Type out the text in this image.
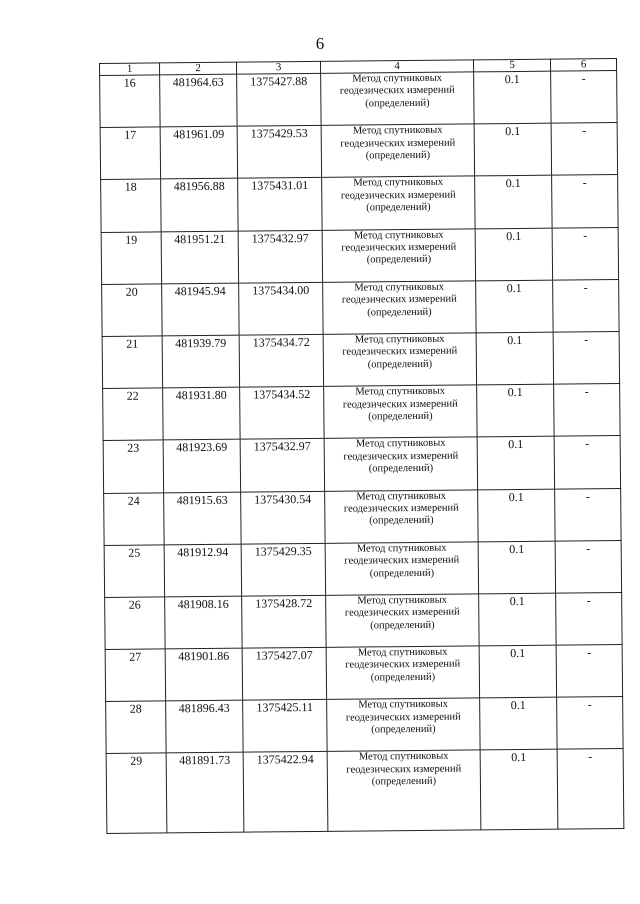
6
1	2	3	4	5	6
16	481964.63	1375427.88	Метод спутниковых геодезических измерений (определений)	0.1	-
17	481961.09	1375429.53	Метод спутниковых геодезических измерений (определений)	0.1	-
18	481956.88	1375431.01	Метод спутниковых геодезических измерений (определений)	0.1	-
19	481951.21	1375432.97	Метод спутниковых геодезических измерений (определений)	0.1	-
20	481945.94	1375434.00	Метод спутниковых геодезических измерений (определений)	0.1	-
21	481939.79	1375434.72	Метод спутниковых геодезических измерений (определений)	0.1	-
22	481931.80	1375434.52	Метод спутниковых геодезических измерений (определений)	0.1	-
23	481923.69	1375432.97	Метод спутниковых геодезических измерений (определений)	0.1	-
24	481915.63	1375430.54	Метод спутниковых геодезических измерений (определений)	0.1	-
25	481912.94	1375429.35	Метод спутниковых геодезических измерений (определений)	0.1	-
26	481908.16	1375428.72	Метод спутниковых геодезических измерений (определений)	0.1	-
27	481901.86	1375427.07	Метод спутниковых геодезических измерений (определений)	0.1	-
28	481896.43	1375425.11	Метод спутниковых геодезических измерений (определений)	0.1	-
29	481891.73	1375422.94	Метод спутниковых геодезических измерений (определений)	0.1	-
